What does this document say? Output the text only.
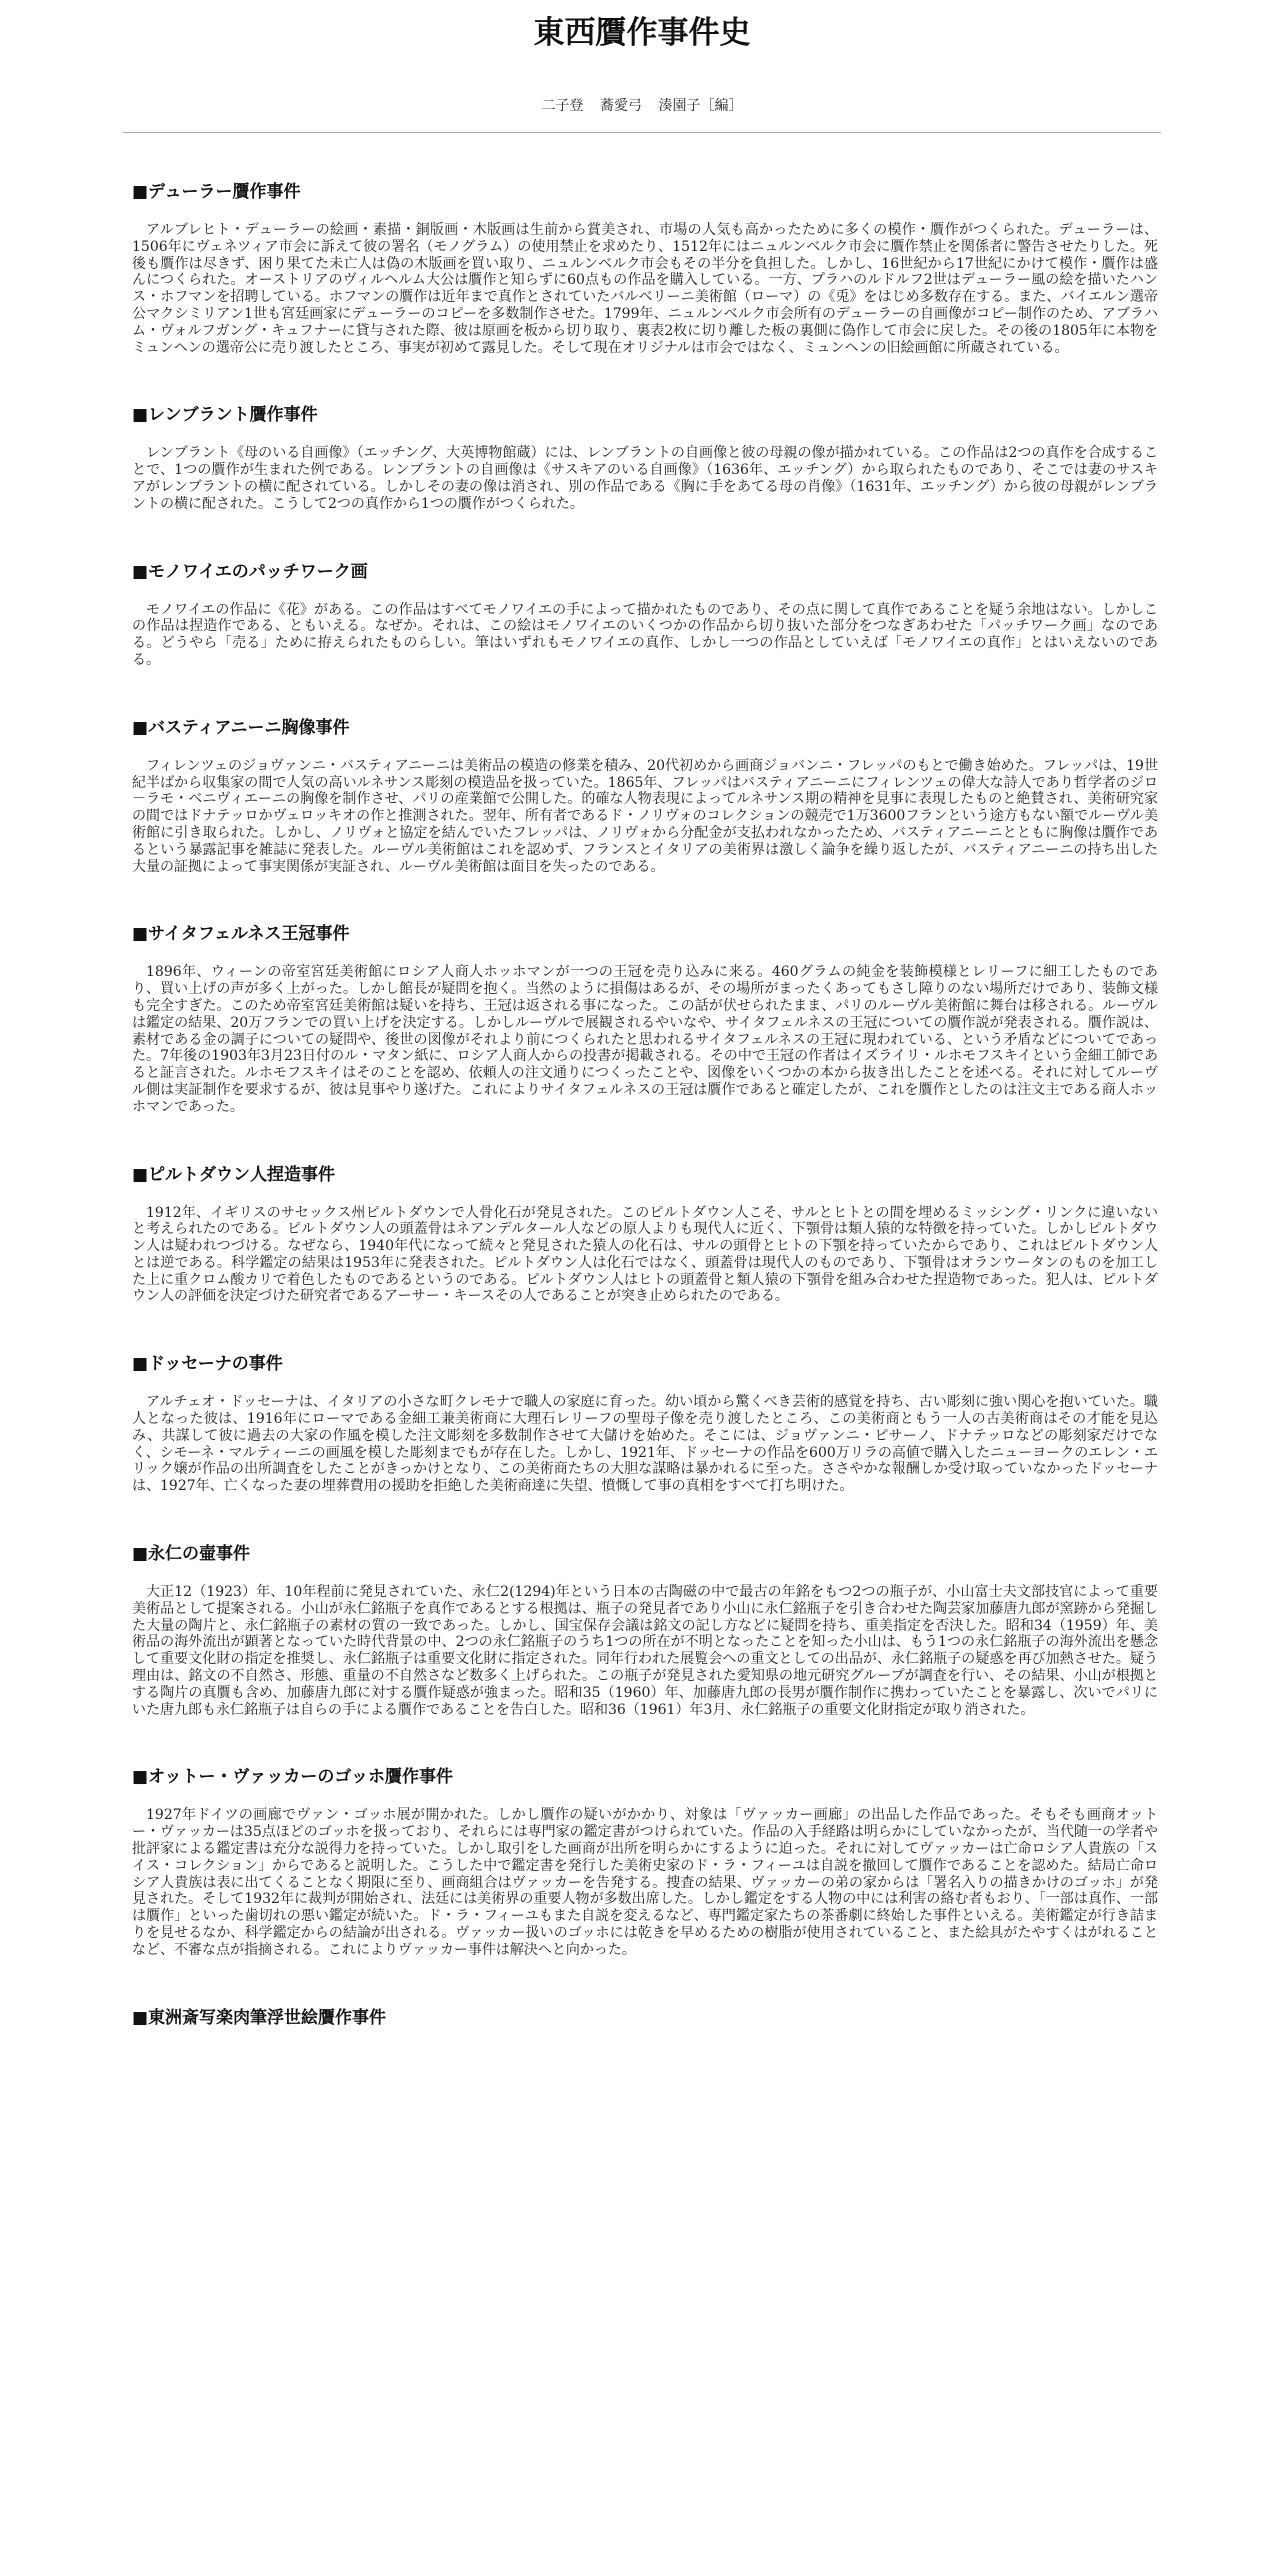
東西贋作事件史
二子登 蕎愛弓 湊園子［編］
■デューラー贋作事件

アルブレヒト・デューラーの絵画・素描・銅版画・木版画は生前から賞美され、市場の人気も高かったために多くの模作・贋作がつくられた。デューラーは、1506年にヴェネツィア市会に訴えて彼の署名（モノグラム）の使用禁止を求めたり、1512年にはニュルンベルク市会に贋作禁止を関係者に警告させたりした。死後も贋作は尽きず、困り果てた未亡人は偽の木版画を買い取り、ニュルンベルク市会もその半分を負担した。しかし、16世紀から17世紀にかけて模作・贋作は盛んにつくられた。オーストリアのヴィルヘルム大公は贋作と知らずに60点もの作品を購入している。一方、プラハのルドルフ2世はデューラー風の絵を描いたハンス・ホフマンを招聘している。ホフマンの贋作は近年まで真作とされていたバルベリーニ美術館（ローマ）の《兎》をはじめ多数存在する。また、バイエルン選帝公マクシミリアン1世も宮廷画家にデューラーのコピーを多数制作させた。1799年、ニュルンベルク市会所有のデューラーの自画像がコピー制作のため、アブラハム・ヴォルフガング・キュフナーに貸与された際、彼は原画を板から切り取り、裏表2枚に切り離した板の裏側に偽作して市会に戻した。その後の1805年に本物をミュンヘンの選帝公に売り渡したところ、事実が初めて露見した。そして現在オリジナルは市会ではなく、ミュンヘンの旧絵画館に所蔵されている。

■レンブラント贋作事件

レンブラント《母のいる自画像》（エッチング、大英博物館蔵）には、レンブラントの自画像と彼の母親の像が描かれている。この作品は2つの真作を合成することで、1つの贋作が生まれた例である。レンブラントの自画像は《サスキアのいる自画像》（1636年、エッチング）から取られたものであり、そこでは妻のサスキアがレンブラントの横に配されている。しかしその妻の像は消され、別の作品である《胸に手をあてる母の肖像》（1631年、エッチング）から彼の母親がレンブラントの横に配された。こうして2つの真作から1つの贋作がつくられた。

■モノワイエのパッチワーク画

モノワイエの作品に《花》がある。この作品はすべてモノワイエの手によって描かれたものであり、その点に関して真作であることを疑う余地はない。しかしこの作品は捏造作である、ともいえる。なぜか。それは、この絵はモノワイエのいくつかの作品から切り抜いた部分をつなぎあわせた「パッチワーク画」なのである。どうやら「売る」ために拵えられたものらしい。筆はいずれもモノワイエの真作、しかし一つの作品としていえば「モノワイエの真作」とはいえないのである。

■バスティアニーニ胸像事件

フィレンツェのジョヴァンニ・バスティアニーニは美術品の模造の修業を積み、20代初めから画商ジョバンニ・フレッパのもとで働き始めた。フレッパは、19世紀半ばから収集家の間で人気の高いルネサンス彫刻の模造品を扱っていた。1865年、フレッパはバスティアニーニにフィレンツェの偉大な詩人であり哲学者のジロ－ラモ・ベニヴィエーニの胸像を制作させ、パリの産業館で公開した。的確な人物表現によってルネサンス期の精神を見事に表現したものと絶賛され、美術研究家の間ではドナテッロかヴェロッキオの作と推測された。翌年、所有者であるド・ノリヴォのコレクションの競売で1万3600フランという途方もない額でルーヴル美術館に引き取られた。しかし、ノリヴォと協定を結んでいたフレッパは、ノリヴォから分配金が支払われなかったため、バスティアニーニとともに胸像は贋作であるという暴露記事を雑誌に発表した。ルーヴル美術館はこれを認めず、フランスとイタリアの美術界は激しく論争を繰り返したが、バスティアニーニの持ち出した大量の証拠によって事実関係が実証され、ルーヴル美術館は面目を失ったのである。

■サイタフェルネス王冠事件

1896年、ウィーンの帝室宮廷美術館にロシア人商人ホッホマンが一つの王冠を売り込みに来る。460グラムの純金を装飾模様とレリーフに細工したものであり、買い上げの声が多く上がった。しかし館長が疑問を抱く。当然のように損傷はあるが、その場所がまったくあってもさし障りのない場所だけであり、装飾文様も完全すぎた。このため帝室宮廷美術館は疑いを持ち、王冠は返される事になった。この話が伏せられたまま、パリのルーヴル美術館に舞台は移される。ルーヴルは鑑定の結果、20万フランでの買い上げを決定する。しかしルーヴルで展観されるやいなや、サイタフェルネスの王冠についての贋作説が発表される。贋作説は、素材である金の調子についての疑問や、後世の図像がそれより前につくられたと思われるサイタフェルネスの王冠に現われている、という矛盾などについてであった。7年後の1903年3月23日付のル・マタン紙に、ロシア人商人からの投書が掲載される。その中で王冠の作者はイズライリ・ルホモフスキイという金細工師であると証言された。ルホモフスキイはそのことを認め、依頼人の注文通りにつくったことや、図像をいくつかの本から抜き出したことを述べる。それに対してルーヴル側は実証制作を要求するが、彼は見事やり遂げた。これによりサイタフェルネスの王冠は贋作であると確定したが、これを贋作としたのは注文主である商人ホッホマンであった。

■ピルトダウン人捏造事件

1912年、イギリスのサセックス州ピルトダウンで人骨化石が発見された。このピルトダウン人こそ、サルとヒトとの間を埋めるミッシング・リンクに違いないと考えられたのである。ピルトダウン人の頭蓋骨はネアンデルタール人などの原人よりも現代人に近く、下顎骨は類人猿的な特徴を持っていた。しかしピルトダウン人は疑われつづける。なぜなら、1940年代になって続々と発見された猿人の化石は、サルの頭骨とヒトの下顎を持っていたからであり、これはピルトダウン人とは逆である。科学鑑定の結果は1953年に発表された。ピルトダウン人は化石ではなく、頭蓋骨は現代人のものであり、下顎骨はオランウータンのものを加工した上に重クロム酸カリで着色したものであるというのである。ピルトダウン人はヒトの頭蓋骨と類人猿の下顎骨を組み合わせた捏造物であった。犯人は、ピルトダウン人の評価を決定づけた研究者であるアーサー・キースその人であることが突き止められたのである。

■ドッセーナの事件

アルチェオ・ドッセーナは、イタリアの小さな町クレモナで職人の家庭に育った。幼い頃から驚くべき芸術的感覚を持ち、古い彫刻に強い関心を抱いていた。職人となった彼は、1916年にローマである金細工兼美術商に大理石レリーフの聖母子像を売り渡したところ、この美術商ともう一人の古美術商はその才能を見込み、共謀して彼に過去の大家の作風を模した注文彫刻を多数制作させて大儲けを始めた。そこには、ジョヴァンニ・ピサーノ、ドナテッロなどの彫刻家だけでなく、シモーネ・マルティーニの画風を模した彫刻までもが存在した。しかし、1921年、ドッセーナの作品を600万リラの高値で購入したニューヨークのエレン・エリック嬢が作品の出所調査をしたことがきっかけとなり、この美術商たちの大胆な謀略は暴かれるに至った。ささやかな報酬しか受け取っていなかったドッセーナは、1927年、亡くなった妻の埋葬費用の援助を拒絶した美術商達に失望、憤慨して事の真相をすべて打ち明けた。

■永仁の壷事件

大正12（1923）年、10年程前に発見されていた、永仁2(1294)年という日本の古陶磁の中で最古の年銘をもつ2つの瓶子が、小山富士夫文部技官によって重要美術品として提案される。小山が永仁銘瓶子を真作であるとする根拠は、瓶子の発見者であり小山に永仁銘瓶子を引き合わせた陶芸家加藤唐九郎が窯跡から発掘した大量の陶片と、永仁銘瓶子の素材の質の一致であった。しかし、国宝保存会議は銘文の記し方などに疑問を持ち、重美指定を否決した。昭和34（1959）年、美術品の海外流出が顕著となっていた時代背景の中、2つの永仁銘瓶子のうち1つの所在が不明となったことを知った小山は、もう1つの永仁銘瓶子の海外流出を懸念して重要文化財の指定を推奨し、永仁銘瓶子は重要文化財に指定された。同年行われた展覧会への重文としての出品が、永仁銘瓶子の疑惑を再び加熱させた。疑う理由は、銘文の不自然さ、形態、重量の不自然さなど数多く上げられた。この瓶子が発見された愛知県の地元研究グループが調査を行い、その結果、小山が根拠とする陶片の真贋も含め、加藤唐九郎に対する贋作疑惑が強まった。昭和35（1960）年、加藤唐九郎の長男が贋作制作に携わっていたことを暴露し、次いでパリにいた唐九郎も永仁銘瓶子は自らの手による贋作であることを告白した。昭和36（1961）年3月、永仁銘瓶子の重要文化財指定が取り消された。

■オットー・ヴァッカーのゴッホ贋作事件

1927年ドイツの画廊でヴァン・ゴッホ展が開かれた。しかし贋作の疑いがかかり、対象は「ヴァッカー画廊」の出品した作品であった。そもそも画商オットー・ヴァッカーは35点ほどのゴッホを扱っており、それらには専門家の鑑定書がつけられていた。作品の入手経路は明らかにしていなかったが、当代随一の学者や批評家による鑑定書は充分な説得力を持っていた。しかし取引をした画商が出所を明らかにするように迫った。それに対してヴァッカーは亡命ロシア人貴族の「スイス・コレクション」からであると説明した。こうした中で鑑定書を発行した美術史家のド・ラ・フィーユは自説を撤回して贋作であることを認めた。結局亡命ロシア人貴族は表に出てくることなく期限に至り、画商組合はヴァッカーを告発する。捜査の結果、ヴァッカーの弟の家からは「署名入りの描きかけのゴッホ」が発見された。そして1932年に裁判が開始され、法廷には美術界の重要人物が多数出席した。しかし鑑定をする人物の中には利害の絡む者もおり、「一部は真作、一部は贋作」といった歯切れの悪い鑑定が続いた。ド・ラ・フィーユもまた自説を変えるなど、専門鑑定家たちの茶番劇に終始した事件といえる。美術鑑定が行き詰まりを見せるなか、科学鑑定からの結論が出される。ヴァッカー扱いのゴッホには乾きを早めるための樹脂が使用されていること、また絵具がたやすくはがれることなど、不審な点が指摘される。これによりヴァッカー事件は解決へと向かった。

■東洲斎写楽肉筆浮世絵贋作事件
